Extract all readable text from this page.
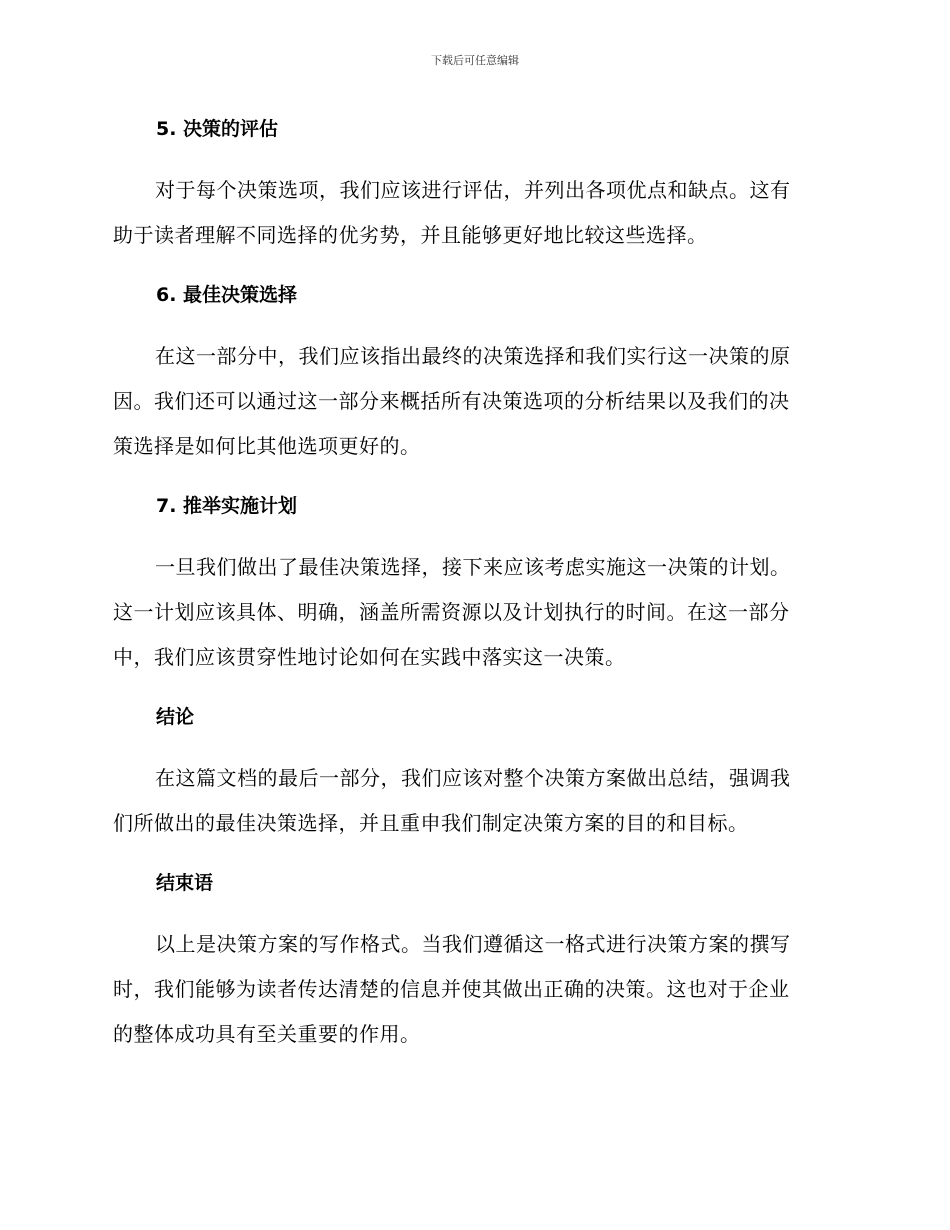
下载后可任意编辑
5. 决策的评估
对于每个决策选项，我们应该进行评估，并列出各项优点和缺点。这有
助于读者理解不同选择的优劣势，并且能够更好地比较这些选择。
6. 最佳决策选择
在这一部分中，我们应该指出最终的决策选择和我们实行这一决策的原
因。我们还可以通过这一部分来概括所有决策选项的分析结果以及我们的决
策选择是如何比其他选项更好的。
7. 推举实施计划
一旦我们做出了最佳决策选择，接下来应该考虑实施这一决策的计划。
这一计划应该具体、明确，涵盖所需资源以及计划执行的时间。在这一部分
中，我们应该贯穿性地讨论如何在实践中落实这一决策。
结论
在这篇文档的最后一部分，我们应该对整个决策方案做出总结，强调我
们所做出的最佳决策选择，并且重申我们制定决策方案的目的和目标。
结束语
以上是决策方案的写作格式。当我们遵循这一格式进行决策方案的撰写
时，我们能够为读者传达清楚的信息并使其做出正确的决策。这也对于企业
的整体成功具有至关重要的作用。
